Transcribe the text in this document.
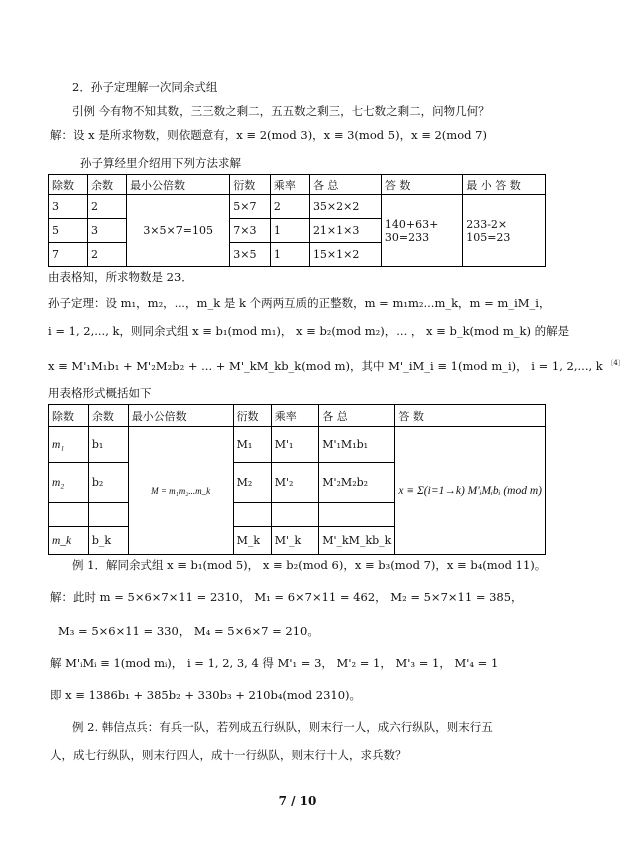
2．孙子定理解一次同余式组
引例 今有物不知其数，三三数之剩二，五五数之剩三，七七数之剩二，问物几何？
解：设 x 是所求物数，则依题意有，x ≡ 2(mod 3)，x ≡ 3(mod 5)，x ≡ 2(mod 7)
孙子算经里介绍用下列方法求解
除数	余数	最小公倍数	衍数	乘率	各 总	答 数	最 小 答 数
3	2	3×5×7=105	5×7	2	35×2×2	140+63+
30=233	233-2×
105=23
5	3		7×3	1	21×1×3		
7	2		3×5	1	15×1×2		
由表格知，所求物数是 23．
孙子定理：设 m₁，m₂，⋯，m_k 是 k 个两两互质的正整数，m = m₁m₂...m_k，m = m_iM_i，
i = 1, 2,..., k，则同余式组 x ≡ b₁(mod m₁)， x ≡ b₂(mod m₂)，... ， x ≡ b_k(mod m_k) 的解是
x ≡ M'₁M₁b₁ + M'₂M₂b₂ + ... + M'_kM_kb_k(mod m)，其中 M'_iM_i ≡ 1(mod m_i)， i = 1, 2,..., k $^{〔4〕}$
用表格形式概括如下
除数	余数	最小公倍数	衍数	乘率	各 总	答 数
m₁	b₁	M = m₁m₂...m_k	M₁	M'₁	M'₁M₁b₁	x ≡ Σ(i=1→k) M'ᵢMᵢbᵢ (mod m)
m₂	b₂		M₂	M'₂	M'₂M₂b₂	

m_k	b_k		M_k	M'_k	M'_kM_kb_k	
例 1．解同余式组 x ≡ b₁(mod 5)， x ≡ b₂(mod 6)，x ≡ b₃(mod 7)，x ≡ b₄(mod 11)。
解：此时 m = 5×6×7×11 = 2310， M₁ = 6×7×11 = 462， M₂ = 5×7×11 = 385，
M₃ = 5×6×11 = 330， M₄ = 5×6×7 = 210。
解 M'ᵢMᵢ ≡ 1(mod mᵢ)， i = 1, 2, 3, 4 得 M'₁ = 3， M'₂ = 1， M'₃ = 1， M'₄ = 1
即 x ≡ 1386b₁ + 385b₂ + 330b₃ + 210b₄(mod 2310)。
例 2. 韩信点兵：有兵一队，若列成五行纵队，则末行一人，成六行纵队，则末行五
人，成七行纵队，则末行四人，成十一行纵队，则末行十人，求兵数？
7 / 10
